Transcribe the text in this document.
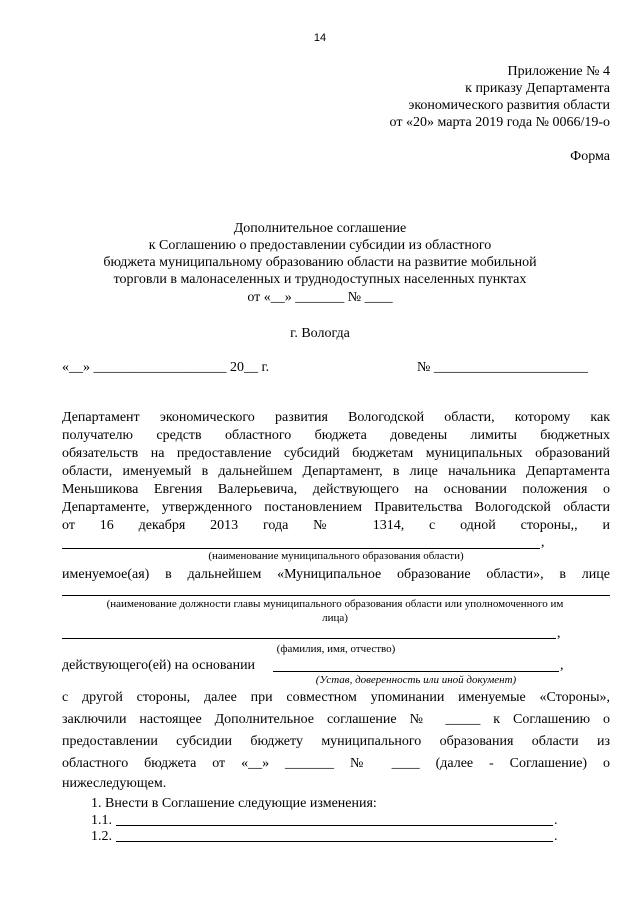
14
Приложение № 4
к приказу Департамента
экономического развития области
от «20» марта 2019 года № 0066/19-о
Форма
Дополнительное соглашение
к Соглашению о предоставлении субсидии из областного
бюджета муниципальному образованию области на развитие мобильной
торговли в малонаселенных и труднодоступных населенных пунктах
от «__» _______ № ____
г. Вологда
«__» ___________________ 20__ г.	№ ______________________
Департамент экономического развития Вологодской области, которому как
получателю средств областного бюджета доведены лимиты бюджетных
обязательств на предоставление субсидий бюджетам муниципальных образований
области, именуемый в дальнейшем Департамент, в лице начальника Департамента
Меньшикова Евгения Валерьевича, действующего на основании положения о
Департаменте, утвержденного постановлением Правительства Вологодской области
от 16 декабря 2013 года № 1314, с одной стороны,, и
,
(наименование муниципального образования области)
именуемое(ая) в дальнейшем «Муниципальное образование области», в лице
(наименование должности главы муниципального образования области или уполномоченного им
лица)
,
(фамилия, имя, отчество)
действующего(ей) на основании	,
(Устав, доверенность или иной документ)
с другой стороны, далее при совместном упоминании именуемые «Стороны»,
заключили настоящее Дополнительное соглашение № _____ к Соглашению о
предоставлении субсидии бюджету муниципального образования области из
областного бюджета от «__» _______ № ____ (далее - Соглашение) о
нижеследующем.
1. Внести в Соглашение следующие изменения:
1.1.	.
1.2.	.
